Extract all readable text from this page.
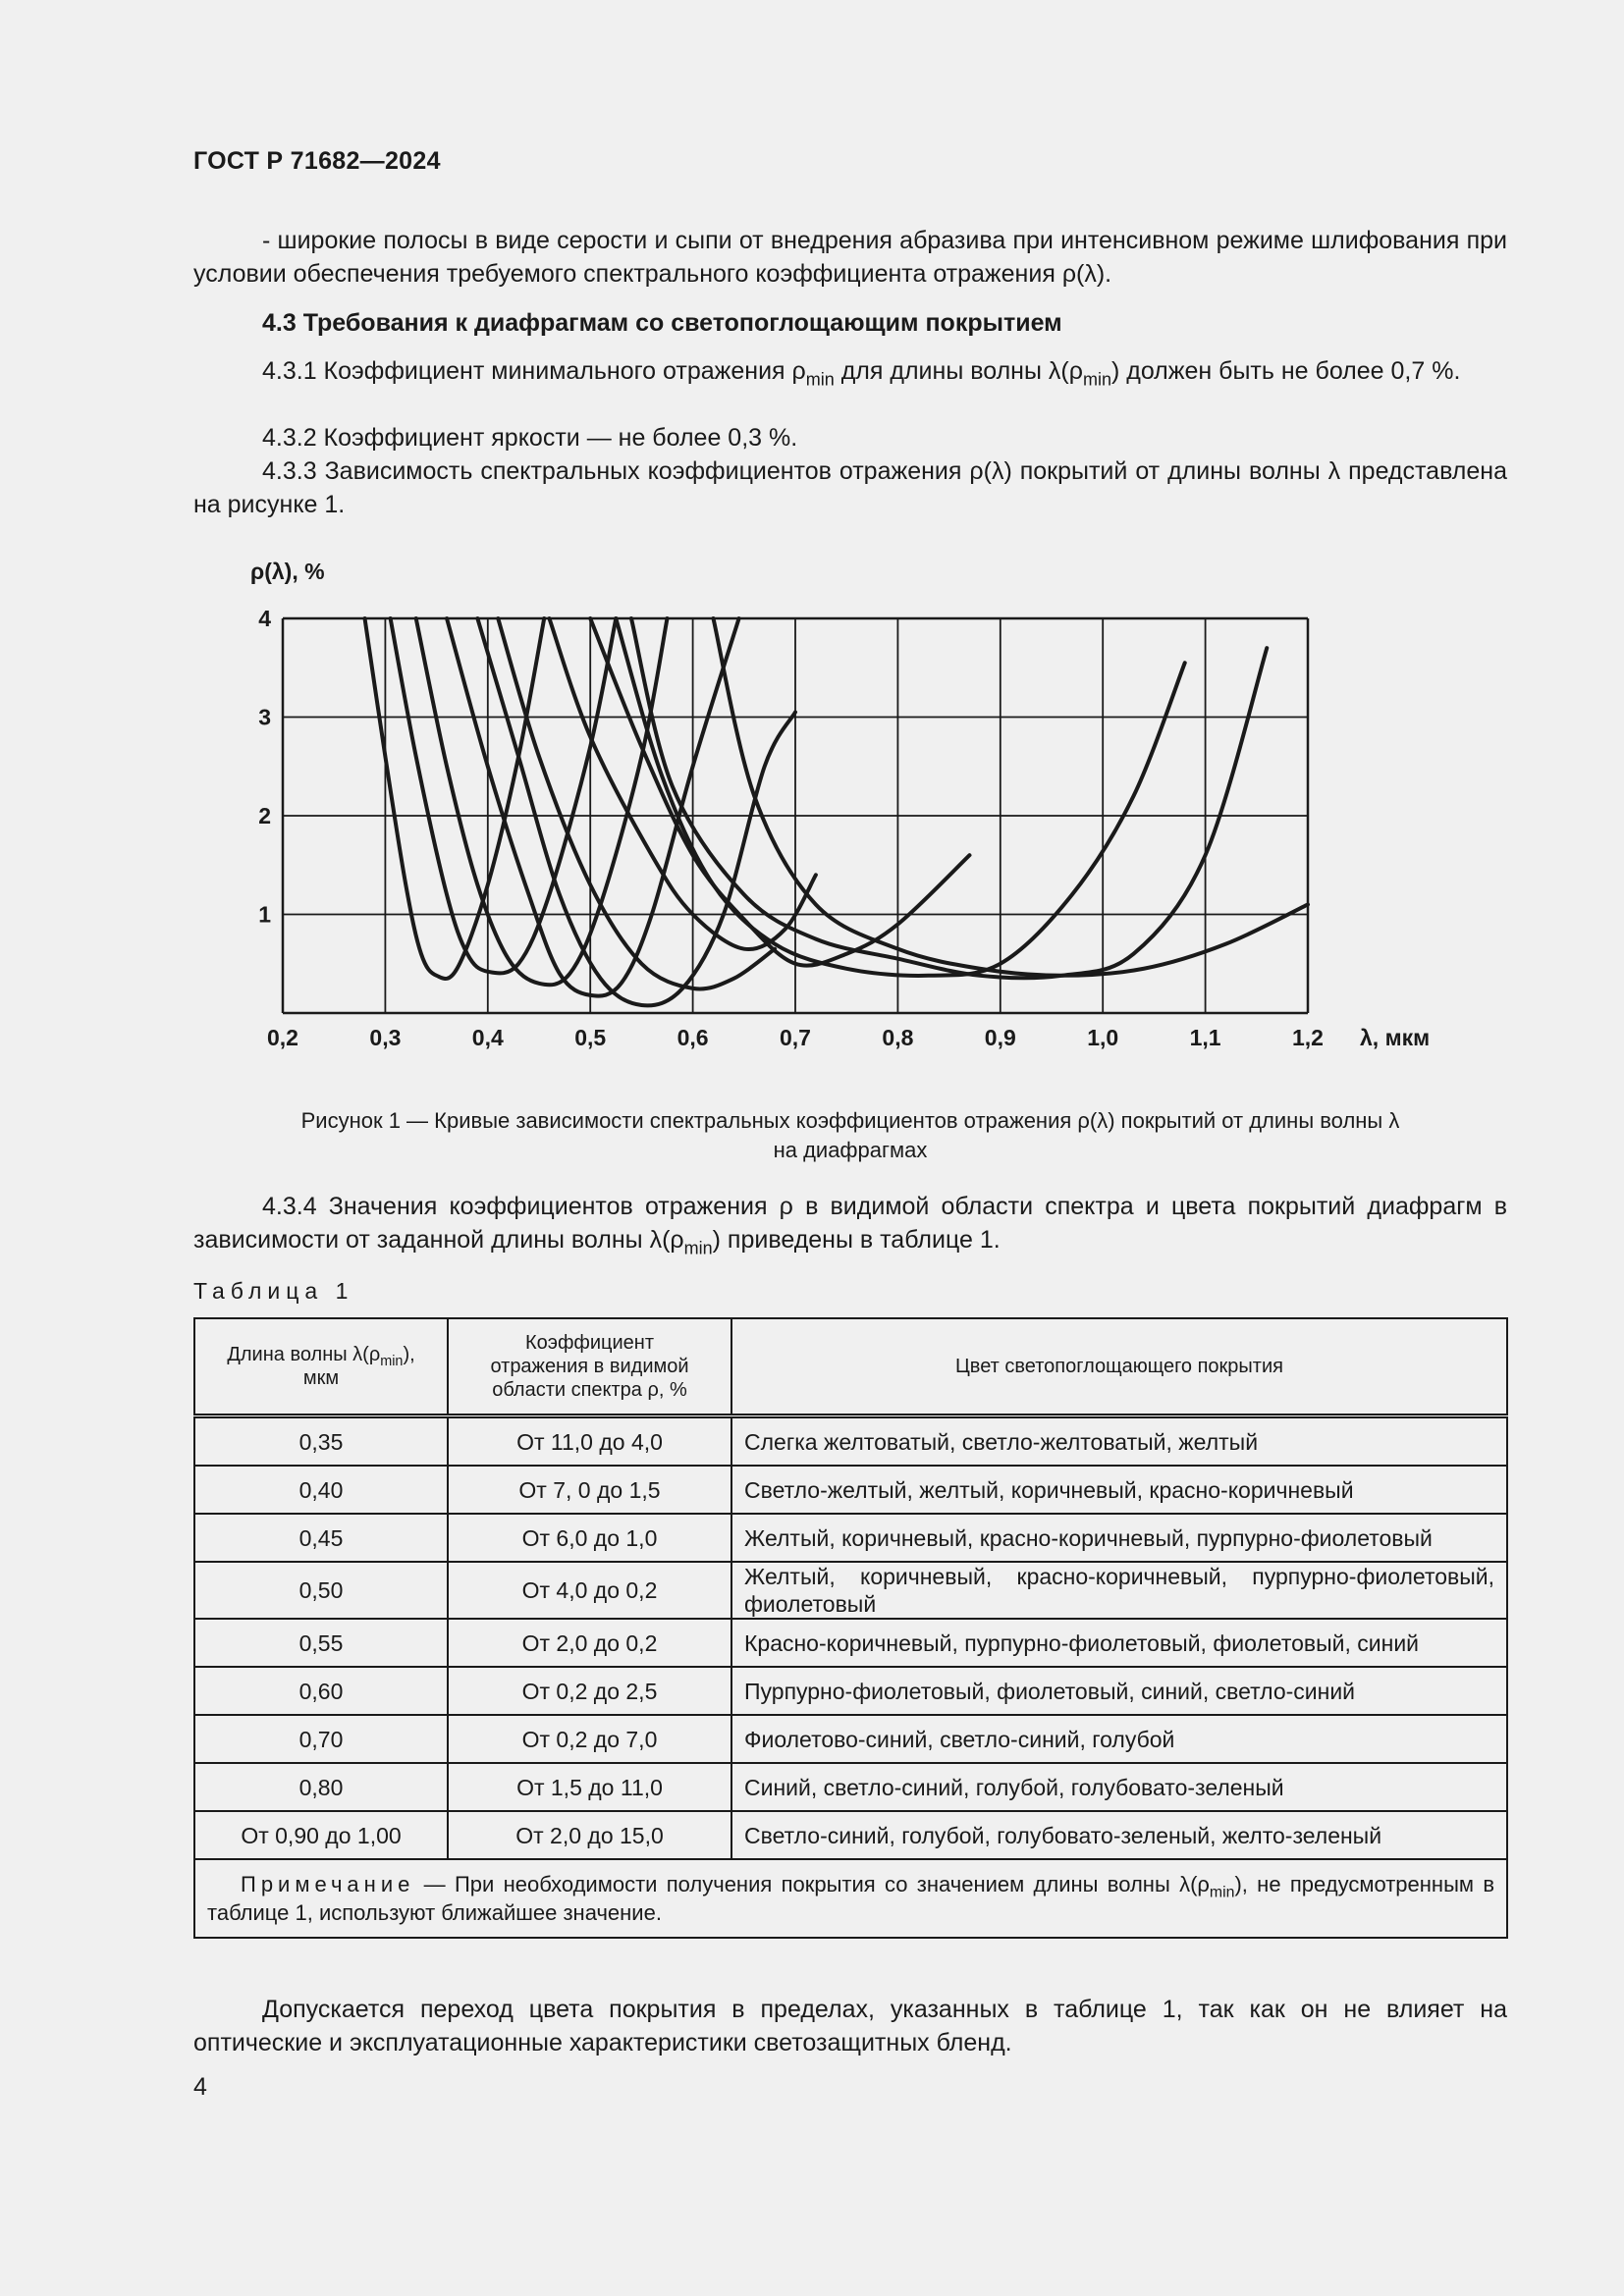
ГОСТ Р 71682—2024
- широкие полосы в виде серости и сыпи от внедрения абразива при интенсивном режиме шлифования при условии обеспечения требуемого спектрального коэффициента отражения ρ(λ).
4.3 Требования к диафрагмам со светопоглощающим покрытием
4.3.1 Коэффициент минимального отражения $\rho_{min}$ для длины волны $\lambda(\rho_{min})$ должен быть не более 0,7 %.
4.3.2 Коэффициент яркости — не более 0,3 %.
4.3.3 Зависимость спектральных коэффициентов отражения ρ(λ) покрытий от длины волны λ представлена на рисунке 1.
0,2	0,3	0,4	0,5	0,6	0,7	0,8	0,9	1,0	1,1	1,2
1
2
3
4
ρ(λ), %
λ, мкм
Рисунок 1 — Кривые зависимости спектральных коэффициентов отражения ρ(λ) покрытий от длины волны λ
на диафрагмах
4.3.4 Значения коэффициентов отражения ρ в видимой области спектра и цвета покрытий диафрагм в зависимости от заданной длины волны $\lambda(\rho_{min})$ приведены в таблице 1.
Таблица 1
Длина волны $\lambda(\rho_{min})$,
мкм	Коэффициент
отражения в видимой
области спектра ρ, %	Цвет светопоглощающего покрытия
0,35	От 11,0 до 4,0	Слегка желтоватый, светло-желтоватый, желтый
0,40	От 7, 0 до 1,5	Светло-желтый, желтый, коричневый, красно-коричневый
0,45	От 6,0 до 1,0	Желтый, коричневый, красно-коричневый, пурпурно-фиолетовый
0,50	От 4,0 до 0,2	Желтый, коричневый, красно-коричневый, пурпурно-фиолетовый, фиолетовый
0,55	От 2,0 до 0,2	Красно-коричневый, пурпурно-фиолетовый, фиолетовый, синий
0,60	От 0,2 до 2,5	Пурпурно-фиолетовый, фиолетовый, синий, светло-синий
0,70	От 0,2 до 7,0	Фиолетово-синий, светло-синий, голубой
0,80	От 1,5 до 11,0	Синий, светло-синий, голубой, голубовато-зеленый
От 0,90 до 1,00	От 2,0 до 15,0	Светло-синий, голубой, голубовато-зеленый, желто-зеленый
Примечание — При необходимости получения покрытия со значением длины волны $\lambda(\rho_{min})$, не предусмотренным в таблице 1, используют ближайшее значение.		
Допускается переход цвета покрытия в пределах, указанных в таблице 1, так как он не влияет на оптические и эксплуатационные характеристики светозащитных бленд.
4
